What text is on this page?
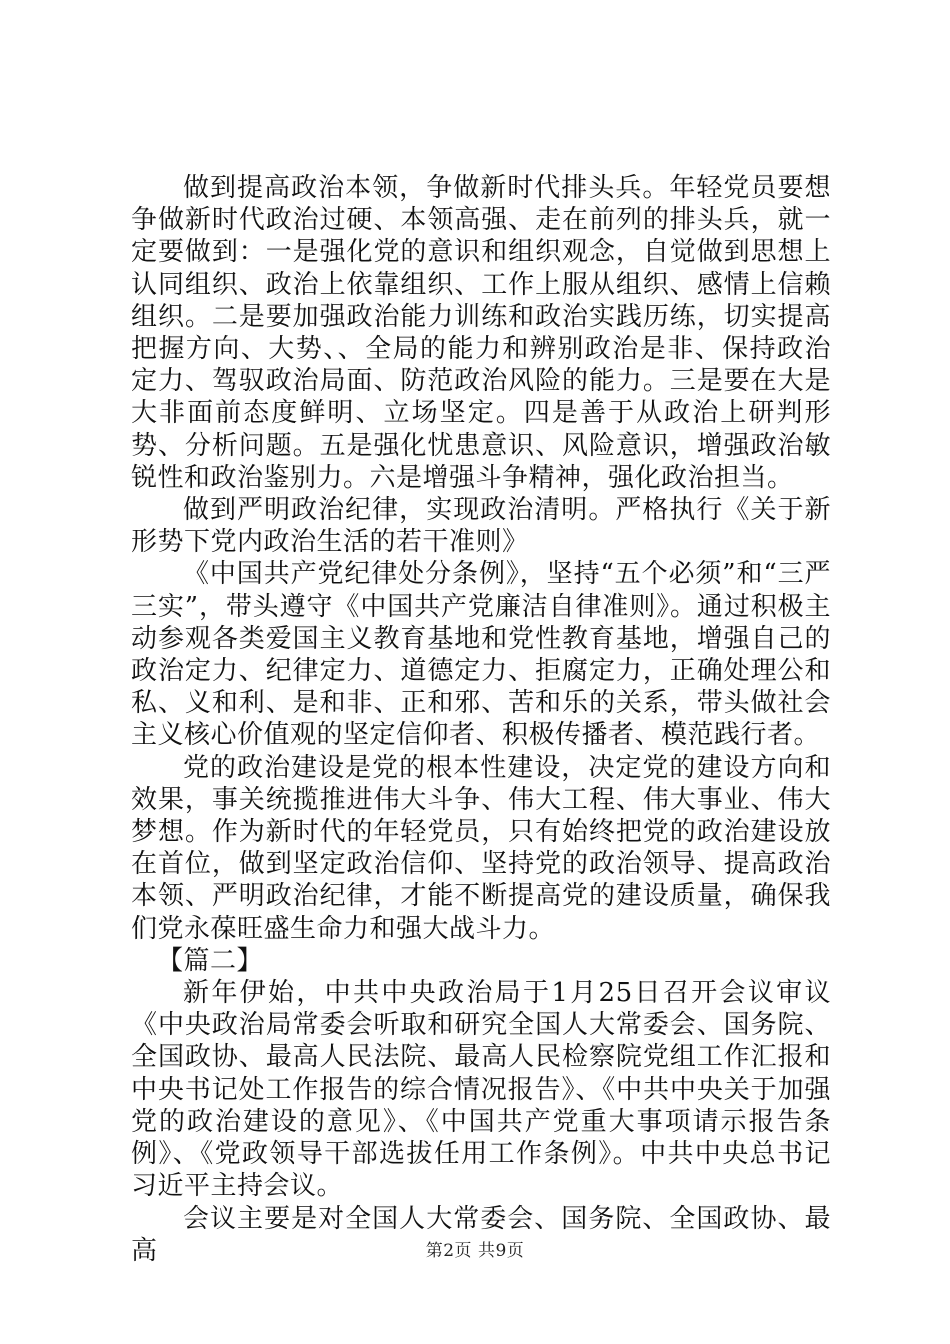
做到提高政治本领，争做新时代排头兵。年轻党员要想争做新时代政治过硬、本领高强、走在前列的排头兵，就一定要做到：一是强化党的意识和组织观念，自觉做到思想上认同组织、政治上依靠组织、工作上服从组织、感情上信赖组织。二是要加强政治能力训练和政治实践历练，切实提高把握方向、大势、、全局的能力和辨别政治是非、保持政治定力、驾驭政治局面、防范政治风险的能力。三是要在大是大非面前态度鲜明、立场坚定。四是善于从政治上研判形势、分析问题。五是强化忧患意识、风险意识，增强政治敏锐性和政治鉴别力。六是增强斗争精神，强化政治担当。

做到严明政治纪律，实现政治清明。严格执行《关于新形势下党内政治生活的若干准则》

《中国共产党纪律处分条例》，坚持“五个必须”和“三严三实”，带头遵守《中国共产党廉洁自律准则》。通过积极主动参观各类爱国主义教育基地和党性教育基地，增强自己的政治定力、纪律定力、道德定力、拒腐定力，正确处理公和私、义和利、是和非、正和邪、苦和乐的关系，带头做社会主义核心价值观的坚定信仰者、积极传播者、模范践行者。

党的政治建设是党的根本性建设，决定党的建设方向和效果，事关统揽推进伟大斗争、伟大工程、伟大事业、伟大梦想。作为新时代的年轻党员，只有始终把党的政治建设放在首位，做到坚定政治信仰、坚持党的政治领导、提高政治本领、严明政治纪律，才能不断提高党的建设质量，确保我们党永葆旺盛生命力和强大战斗力。

【篇二】

新年伊始，中共中央政治局于1月25日召开会议审议《中央政治局常委会听取和研究全国人大常委会、国务院、全国政协、最高人民法院、最高人民检察院党组工作汇报和中央书记处工作报告的综合情况报告》、《中共中央关于加强党的政治建设的意见》、《中国共产党重大事项请示报告条例》、《党政领导干部选拔任用工作条例》。中共中央总书记习近平主持会议。

会议主要是对全国人大常委会、国务院、全国政协、最高	第2页 共9页
